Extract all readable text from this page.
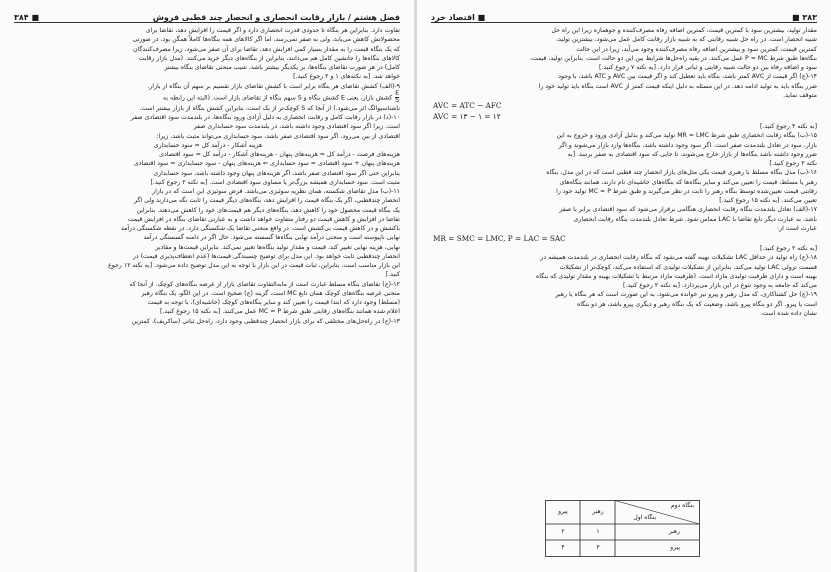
فصل هشتم / بازار رقابت انحصاری و انحصار چند قطبی فروش
■ ۳۸۴

تفاوت دارد. بنابراین هر بنگاه تا حدودی قدرت انحصاری دارد و اگر قیمت را افزایش دهد، تقاضا برای

محصولاتش کاهش می‌یابد، ولی به صفر نمی‌رسد. اما اگر کالاهای همه بنگاه‌ها کاملاً همگن بود، در صورتی

که یک بنگاه قیمت را به مقدار بسیار کمی افزایش دهد، تقاضا برای آن صفر می‌شود، زیرا مصرف‌کنندگان

کالاهای بنگاه‌ها را جانشین کامل هم می‌دانند، بنابراین از بنگاه‌های دیگر خرید می‌کنند. (مدل بازار رقابت

کامل) در هر صورت تقاضای بنگاه‌ها، بر یکدیگر بیشتر باشد، شیب منحنی تقاضای بنگاه بیشتر

خواهد شد. [به نکته‌های ۱ و ۲ رجوع کنید.]

۹-(الف) کشش تقاضای هر بنگاه برابر است با کشش تقاضای بازار تقسیم بر سهم آن بنگاه از بازار.

$\frac{E}{S}$
کشش بازار، یعنی E کشش بنگاه و S سهم بنگاه از تقاضای بازار است. (البته این رابطه به

ناشناسیوالگ اثر می‌شود.) از آنجا که S کوچک‌تر از یک است، بنابراین کشش بنگاه از بازار بیشتر است.

۱۰-(د) در بازار رقابت کامل و رقابت انحصاری به دلیل آزادی ورود بنگاه‌ها، در بلندمدت سود اقتصادی صفر

است. زیرا اگر سود اقتصادی وجود داشته باشد، در بلندمدت سود حسابداری صفر

اقتصادی از بین می‌رود. اگر سود اقتصادی صفر باشد، سود حسابداری می‌تواند مثبت باشد، زیرا:

هزینه آشکار - درآمد کل = سود حسابداری

هزینه‌های فرصت - درآمد کل = هزینه‌های پنهان - هزینه‌های آشکار - درآمد کل = سود اقتصادی

هزینه‌های پنهان + سود اقتصادی = سود حسابداری ⇐ هزینه‌های پنهان - سود حسابداری = سود اقتصادی

بنابراین حتی اگر سود اقتصادی صفر باشد، اگر هزینه‌های پنهان وجود داشته باشد، سود حسابداری

مثبت است. سود حسابداری همیشه بزرگ‌تر یا مساوی سود اقتصادی است. [به نکته ۲ رجوع کنید.]

۱۱-(ب) مدل تقاضای شکسته، همان نظریه سوئیزی می‌باشد. فرض سوئیزی این است که در بازار

انحصار چندقطبی، اگر یک بنگاه قیمت را افزایش دهد، بنگاه‌های دیگر قیمت را ثابت نگه می‌دارند ولی اگر

یک بنگاه قیمت محصول خود را کاهش دهد، بنگاه‌های دیگر هم قیمت‌های خود را کاهش می‌دهند. بنابراین

تقاضا در افزایش و کاهش قیمت دو رفتار متفاوت خواهد داشت و به عبارتی تقاضای بنگاه در افزایش قیمت

باکشش و در کاهش قیمت بی‌کشش است. در واقع منحنی تقاضا یک شکستگی دارد. در نقطه شکستگی درآمد

نهایی ناپیوسته است و منحنی درآمد نهایی بنگاه‌ها گسسته می‌شود. حال اگر در دامنه گسستگی درآمد

نهایی، هزینه نهایی تغییر کند، قیمت و مقدار تولید بنگاه‌ها تغییر نمی‌کند. بنابراین قیمت‌ها و مقادیر

انحصار چندقطبی ثابت خواهد بود. این مدل برای توضیح چسبندگی قیمت‌ها (عدم انعطاف‌پذیری قیمت) در

این بازار مناسب است. بنابراین، ثبات قیمت در این بازار با توجه به این مدل توضیح داده می‌شود. [به نکته ۱۲ رجوع

کنید.]

۱۲-(ج) تقاضای بنگاه مسلط عبارت است از مابه‌التفاوت تقاضای بازار از عرضه بنگاه‌های کوچک. از آنجا که

منحنی عرضه بنگاه‌های کوچک همان تابع MC است، گزینه (ج) صحیح است. در این الگو، یک بنگاه رهبر

(مسلط) وجود دارد که ابتدا قیمت را تعیین کند و سایر بنگاه‌های کوچک (حاشیه‌ای)، با توجه به قیمت

اعلام شده همانند بنگاه‌های رقابتی طبق شرط MC = P عمل می‌کنند. [به نکته ۱۵ رجوع کنید.]

۱۳-(ج) در راه‌حل‌های مختلفی که برای بازار انحصار چندقطبی وجود دارد، راه‌حل ثباتی (ساکریف)، کمترین

۳۸۳ ■
■ اقتصاد خرد

مقدار تولید، بیشترین سود با کمترین قیمت، کمترین اضافه رفاه مصرف‌کننده و جوهمازه زیرا این راه حل

شبیه انحصار است. در راه حل شبیه رقابتی که به شبیه بازار رقابت کامل عمل می‌شود، بیشترین تولید،

کمترین قیمت، کمترین سود و بیشترین اضافه رفاه مصرف‌کننده وجود می‌آید، زیرا در این حالت

بنگاه‌ها طبق شرط P = MC عمل می‌کنند. در بقیه راه‌حل‌ها شرایط بین این دو حالت است. بنابراین تولید، قیمت،

سود و اضافه رفاه بین دو حالت شبیه رقابتی و ثباتی قرار دارد. [به نکته ۷ رجوع کنید.]

۱۴-(ج) اگر قیمت از AVC کمتر باشد، بنگاه باید تعطیل کند و اگر قیمت بین AVC و ATC باشد، با وجود

ضرر بنگاه باید به تولید ادامه دهد. در این مسئله به دلیل اینکه قیمت کمتر از AVC است بنگاه باید تولید خود را

متوقف نماید.

AVC = ATC − AFC

AVC = ۱۳ − ۱ = ۱۲

[به نکته ۴ رجوع کنید.]

۱۵-(ب) بنگاه رقابت انحصاری طبق شرط MR = LMC تولید می‌کند و بدلیل آزادی ورود و خروج به این

بازار، سود در تعادل بلندمدت صفر است. اگر سود وجود داشته باشد، بنگاه‌ها وارد بازار می‌شوند و اگر

ضرر وجود داشته باشد بنگاه‌ها از بازار خارج می‌شوند. تا جایی که سود اقتصادی به صفر برسد. [به

نکته ۲ رجوع کنید.]

۱۶-(ب) مدل بنگاه مسلط با رهبری قیمت یکی مثل‌های بازار انحصار چند قطبی است که در این مدل، بنگاه

رهبر یا مسلط، قیمت را تعیین می‌کند و سایر بنگاه‌ها که بنگاه‌های حاشیه‌ای نام دارند، همانند بنگاه‌های

رقابتی قیمت تعیین‌شده توسط بنگاه رهبر را ثابت در نظر می‌گیرند و طبق شرط MC = P تولید خود را

تعیین می‌کنند. [به نکته ۱۵ رجوع کنید.]

۱۷-(الف) تعادل بلندمدت بنگاه رقابت انحصاری هنگامی برقرار می‌شود که سود اقتصادی برابر با صفر

باشد، به عبارت دیگر تابع تقاضا با LAC مماس شود. شرط تعادل بلندمدت بنگاه رقابت انحصاری

عبارت است از:

MR = SMC = LMC, P = LAC = SAC

[به نکته ۲ رجوع کنید.]

۱۸-(ج) راه تولید در حداقل LAC تشکیلات بهینه گفته می‌شود که بنگاه رقابت انحصاری در بلندمدت همیشه در

قسمت نزولی LAC تولید می‌کند. بنابراین از تشکیلات تولیدی که استفاده می‌کند، کوچک‌تر از تشکیلات

بهینه است و دارای ظرفیت تولیدی مازاد است. (ظرفیت مازاد مرتبط با تشکیلات بهینه و مقدار تولیدی که بنگاه

می‌کند که جامعه به وجود تنوع در این بازار می‌پردازد. [به نکته ۲ رجوع کنید.]

۱۹-(ج) حل کشتاکاری، که مدل رهبر و پیرو نیز خوانده می‌شود، به این صورت است که هر بنگاه یا رهبر

است یا پیرو. اگر دو بنگاه پیرو باشد، وضعیت که یک بنگاه رهبر و دیگری پیرو باشد، هر دو بنگاه

نشان داده شده است.

بنگاه دوم
بنگاه اول
رهبر
پیرو
رهبر
پیرو
۱
۲
۳
۴
